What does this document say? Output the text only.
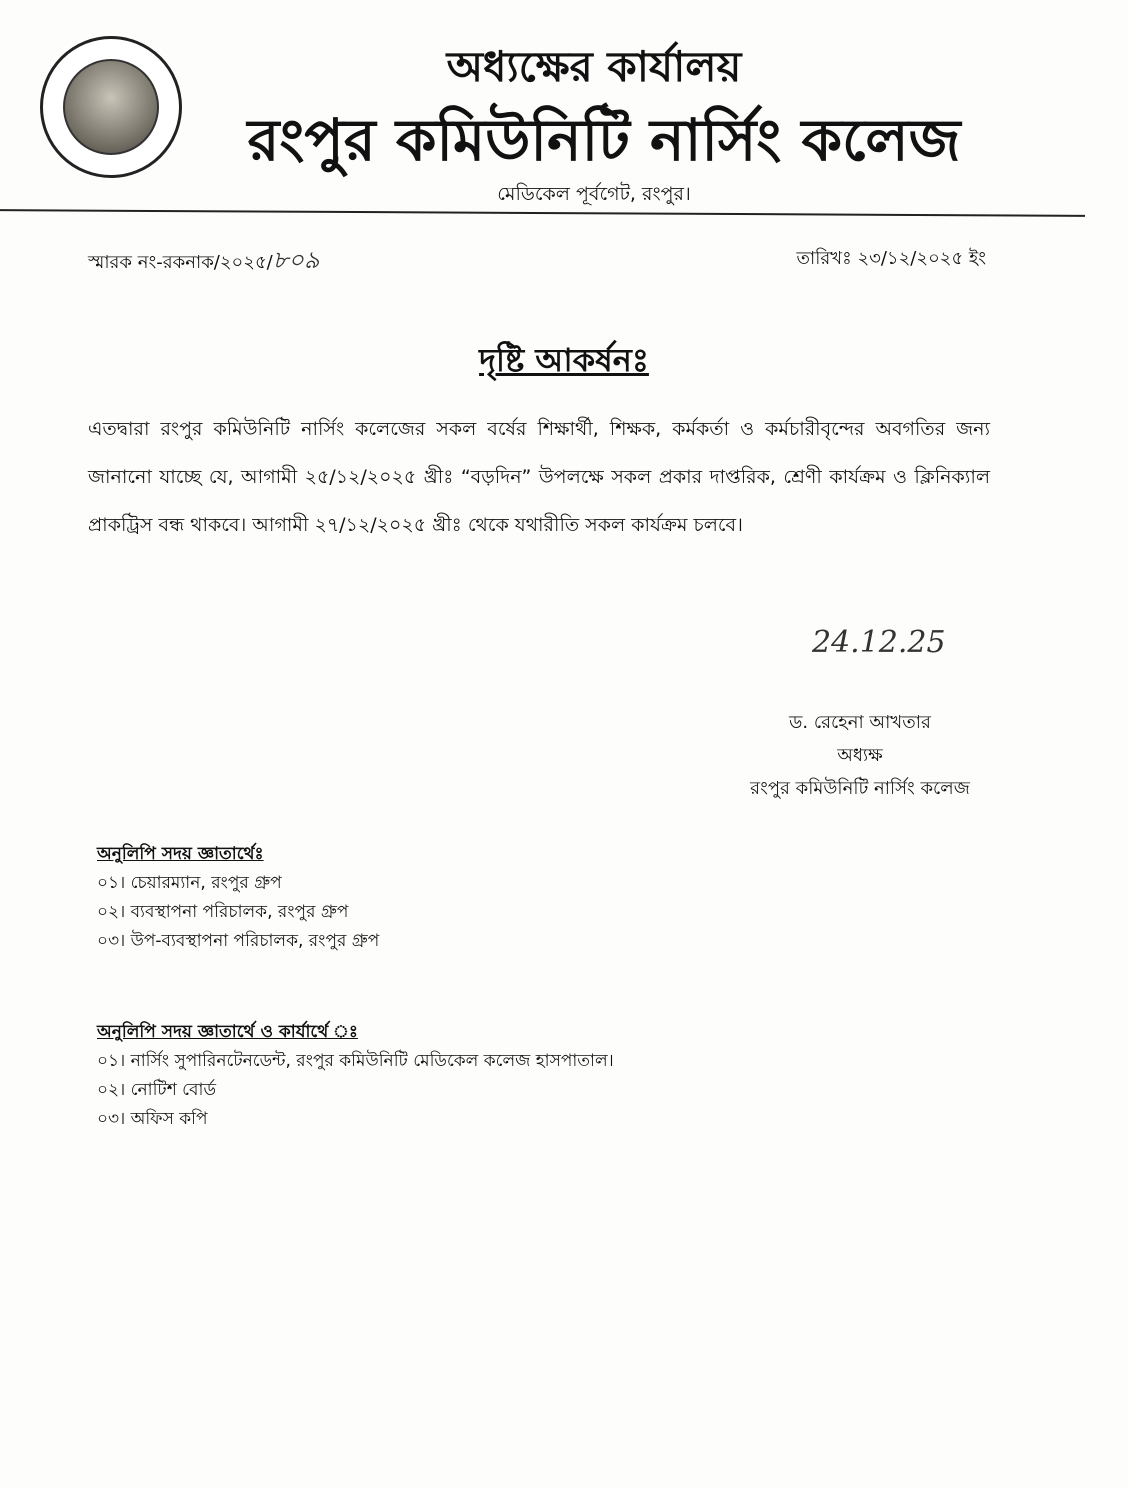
অধ্যক্ষের কার্যালয়
রংপুর কমিউনিটি নার্সিং কলেজ
মেডিকেল পূর্বগেট, রংপুর।
স্মারক নং-রকনাক/২০২৫/৮০৯	তারিখঃ ২৩/১২/২০২৫ ইং
দৃষ্টি আকর্ষনঃ
এতদ্বারা রংপুর কমিউনিটি নার্সিং কলেজের সকল বর্ষের শিক্ষার্থী, শিক্ষক, কর্মকর্তা ও কর্মচারীবৃন্দের অবগতির জন্য জানানো যাচ্ছে যে, আগামী ২৫/১২/২০২৫ খ্রীঃ “বড়দিন” উপলক্ষে সকল প্রকার দাপ্তরিক, শ্রেণী কার্যক্রম ও ক্লিনিক্যাল প্রাকট্রিস বন্ধ থাকবে। আগামী ২৭/১২/২০২৫ খ্রীঃ থেকে যথারীতি সকল কার্যক্রম চলবে।
24.12.25
ড. রেহেনা আখতার
অধ্যক্ষ
রংপুর কমিউনিটি নার্সিং কলেজ
অনুলিপি সদয় জ্ঞাতার্থেঃ
০১। চেয়ারম্যান, রংপুর গ্রুপ
০২। ব্যবস্থাপনা পরিচালক, রংপুর গ্রুপ
০৩। উপ-ব্যবস্থাপনা পরিচালক, রংপুর গ্রুপ
অনুলিপি সদয় জ্ঞাতার্থে ও কার্যার্থে ঃ
০১। নার্সিং সুপারিনটেনডেন্ট, রংপুর কমিউনিটি মেডিকেল কলেজ হাসপাতাল।
০২। নোটিশ বোর্ড
০৩। অফিস কপি
